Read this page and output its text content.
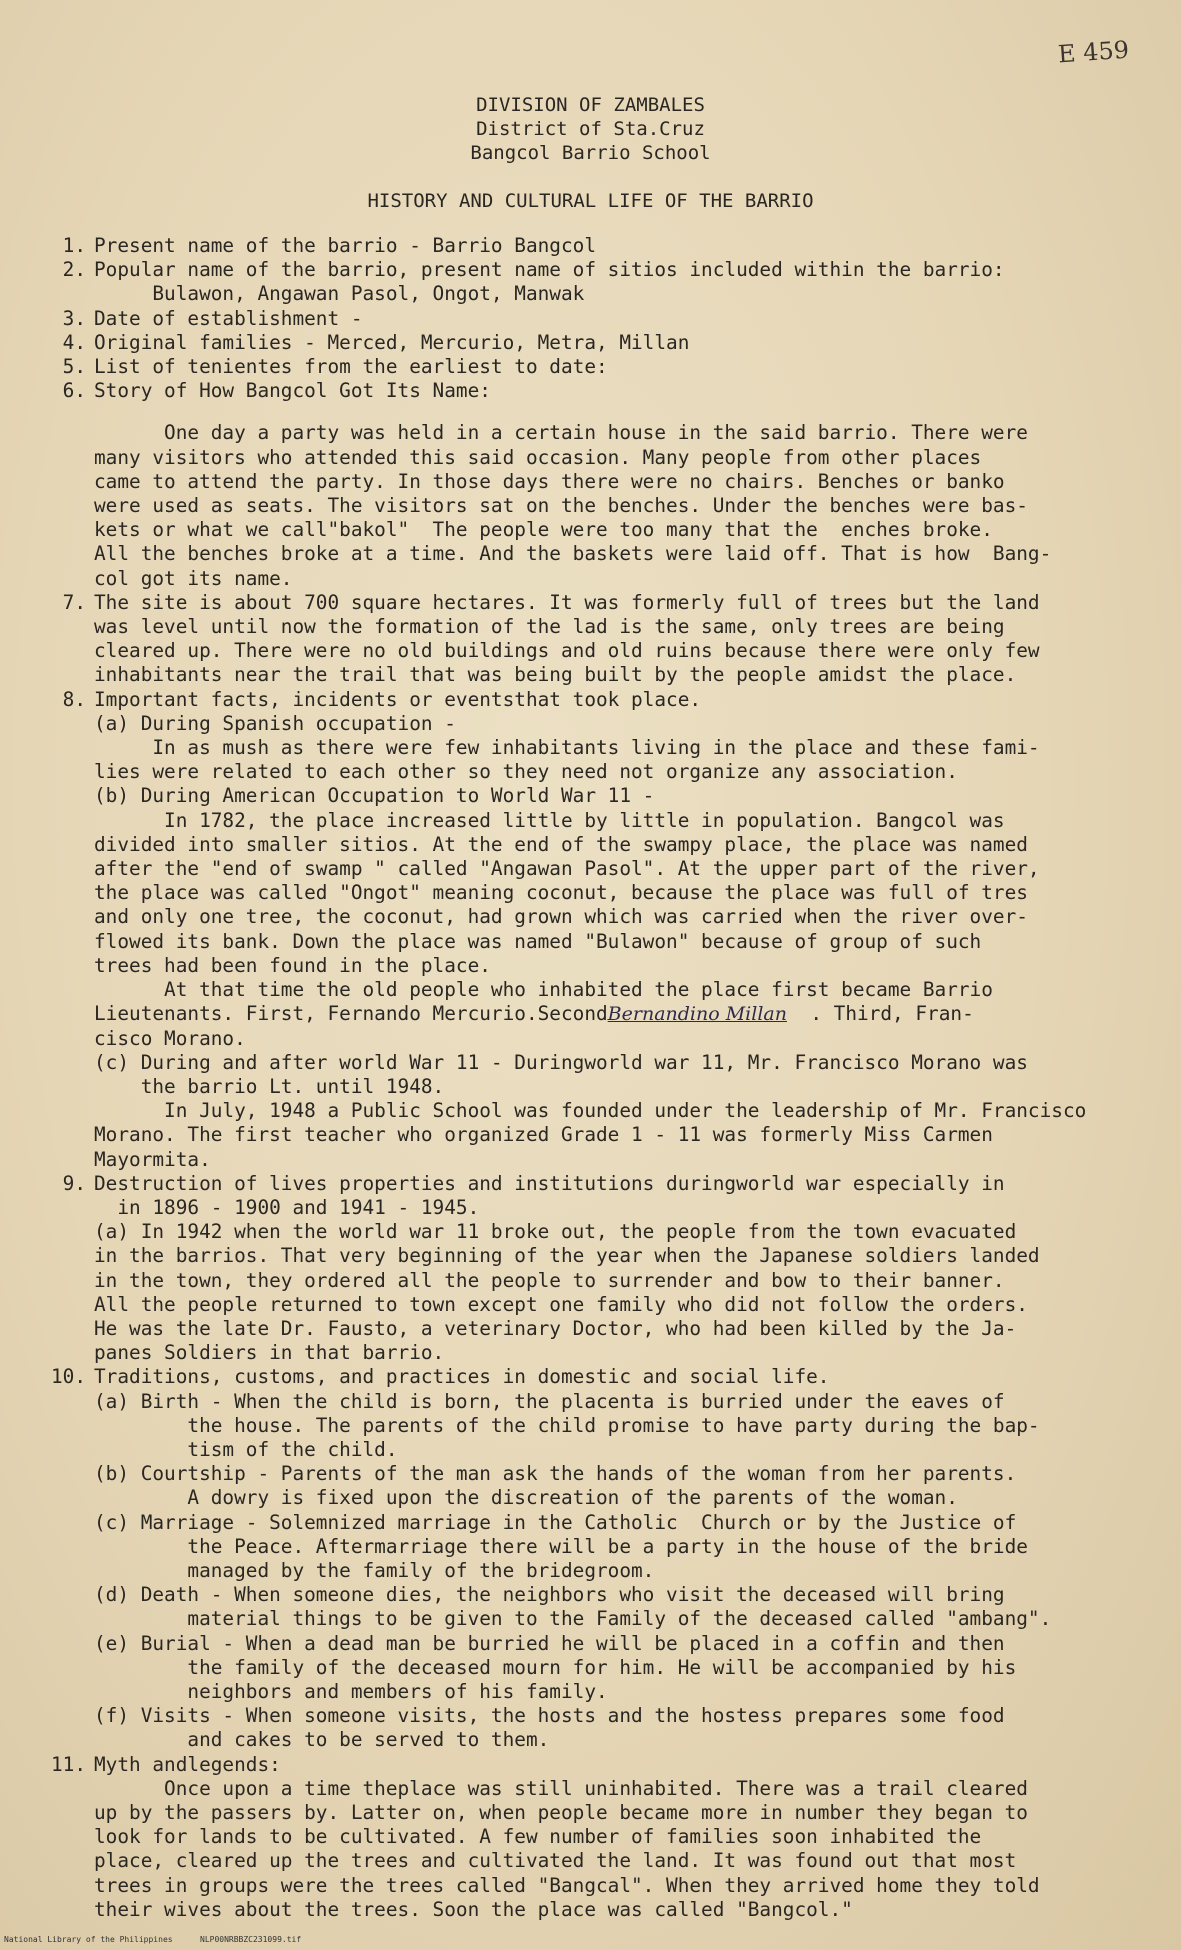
E 459
DIVISION OF ZAMBALES
District of Sta.Cruz
Bangcol Barrio School
HISTORY AND CULTURAL LIFE OF THE BARRIO
1. Present name of the barrio - Barrio Bangcol
2. Popular name of the barrio, present name of sitios included within the barrio:
Bulawon, Angawan Pasol, Ongot, Manwak
3. Date of establishment -
4. Original families - Merced, Mercurio, Metra, Millan
5. List of tenientes from the earliest to date:
6. Story of How Bangcol Got Its Name:
One day a party was held in a certain house in the said barrio. There were
many visitors who attended this said occasion. Many people from other places
came to attend the party. In those days there were no chairs. Benches or banko
were used as seats. The visitors sat on the benches. Under the benches were bas-
kets or what we call"bakol"  The people were too many that the  enches broke.
All the benches broke at a time. And the baskets were laid off. That is how  Bang-
col got its name.
7. The site is about 700 square hectares. It was formerly full of trees but the land
was level until now the formation of the lad is the same, only trees are being
cleared up. There were no old buildings and old ruins because there were only few
inhabitants near the trail that was being built by the people amidst the place.
8. Important facts, incidents or eventsthat took place.
(a) During Spanish occupation -
In as mush as there were few inhabitants living in the place and these fami-
lies were related to each other so they need not organize any association.
(b) During American Occupation to World War 11 -
In 1782, the place increased little by little in population. Bangcol was
divided into smaller sitios. At the end of the swampy place, the place was named
after the "end of swamp " called "Angawan Pasol". At the upper part of the river,
the place was called "Ongot" meaning coconut, because the place was full of tres
and only one tree, the coconut, had grown which was carried when the river over-
flowed its bank. Down the place was named "Bulawon" because of group of such
trees had been found in the place.
At that time the old people who inhabited the place first became Barrio
Lieutenants. First, Fernando Mercurio.SecondBernandino Millan  . Third, Fran-
cisco Morano.
(c) During and after world War 11 - Duringworld war 11, Mr. Francisco Morano was
the barrio Lt. until 1948.
In July, 1948 a Public School was founded under the leadership of Mr. Francisco
Morano. The first teacher who organized Grade 1 - 11 was formerly Miss Carmen
Mayormita.
9. Destruction of lives properties and institutions duringworld war especially in
in 1896 - 1900 and 1941 - 1945.
(a) In 1942 when the world war 11 broke out, the people from the town evacuated
in the barrios. That very beginning of the year when the Japanese soldiers landed
in the town, they ordered all the people to surrender and bow to their banner.
All the people returned to town except one family who did not follow the orders.
He was the late Dr. Fausto, a veterinary Doctor, who had been killed by the Ja-
panes Soldiers in that barrio.
10. Traditions, customs, and practices in domestic and social life.
(a) Birth - When the child is born, the placenta is burried under the eaves of
the house. The parents of the child promise to have party during the bap-
tism of the child.
(b) Courtship - Parents of the man ask the hands of the woman from her parents.
A dowry is fixed upon the discreation of the parents of the woman.
(c) Marriage - Solemnized marriage in the Catholic  Church or by the Justice of
the Peace. Aftermarriage there will be a party in the house of the bride
managed by the family of the bridegroom.
(d) Death - When someone dies, the neighbors who visit the deceased will bring
material things to be given to the Family of the deceased called "ambang".
(e) Burial - When a dead man be burried he will be placed in a coffin and then
the family of the deceased mourn for him. He will be accompanied by his
neighbors and members of his family.
(f) Visits - When someone visits, the hosts and the hostess prepares some food
and cakes to be served to them.
11. Myth andlegends:
Once upon a time theplace was still uninhabited. There was a trail cleared
up by the passers by. Latter on, when people became more in number they began to
look for lands to be cultivated. A few number of families soon inhabited the
place, cleared up the trees and cultivated the land. It was found out that most
trees in groups were the trees called "Bangcal". When they arrived home they told
their wives about the trees. Soon the place was called "Bangcol."
National Library of the Philippines	NLP00NRBBZC231099.tif
